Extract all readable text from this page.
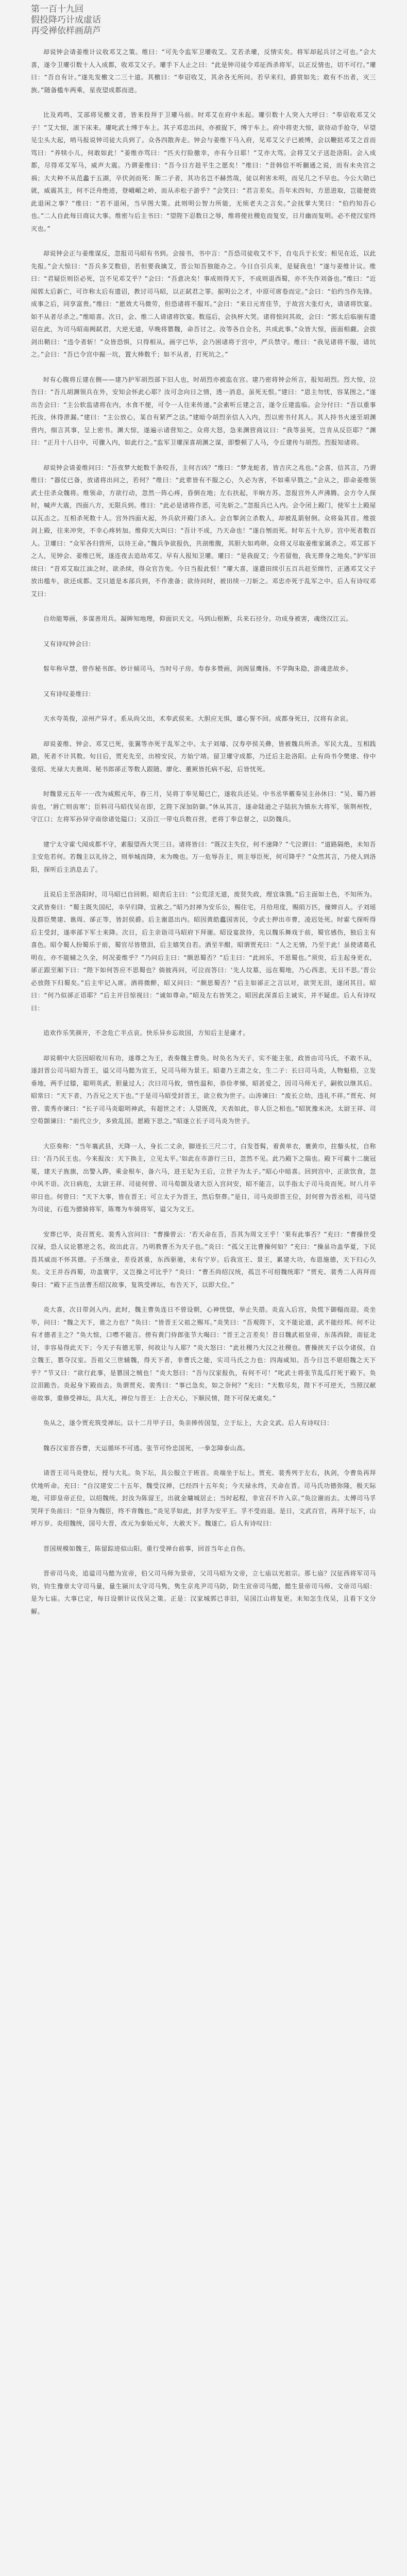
第一百十九回
假投降巧计成虚话
再受禅依样画葫芦

却说钟会请姜维计议收邓艾之策。维曰：“可先令监军卫瓘收艾。艾若杀瓘，反情实矣。将军却起兵讨之可也。”会大喜，遂令卫瓘引数十人入成都，收邓艾父子。瓘手下人止之曰：“此是钟司徒令邓征西杀将军，以正反情也，切不可行。”瓘曰：“吾自有计。”遂先发檄文二三十道。其檄曰：“奉诏收艾，其余各无所问。若早来归，爵赏如先；敢有不出者，灭三族。”随备槛车两乘，星夜望成都而进。

比及鸡鸣，艾部将见檄文者，皆来投拜于卫瓘马前。时邓艾在府中未起。瓘引数十人突入大呼曰：“奉诏收邓艾父子！”艾大惊，滚下床来。瓘叱武士缚于车上。其子邓忠出问，亦被捉下，缚于车上。府中将吏大惊，欲待动手抢夺，早望见尘头大起，哨马报说钟司徒大兵到了。众各四散奔走。钟会与姜维下马入府，见邓艾父子已被缚，会以鞭挞邓艾之首而骂曰：“养犊小儿，何敢如此！”姜维亦骂曰：“匹夫行险徼幸，亦有今日耶！”艾亦大骂。会将艾父子送赴洛阳。会入成都，尽得邓艾军马，威声大震。乃谓姜维曰：“吾今日方趁平生之愿矣！”维曰：“昔韩信不听蒯通之说，而有未央宫之祸；大夫种不从范蠡于五湖，卒伏剑而死：斯二子者，其功名岂不赫然哉，徒以利害未明，而见几之不早也。今公大勋已就，威震其主，何不泛舟绝迹，登峨嵋之岭，而从赤松子游乎？”会笑曰：“君言差矣。吾年未四旬，方思进取，岂能便效此退闲之事？”维曰：“若不退闲，当早图大策。此则明公智力所能，无烦老夫之言矣。”会抚掌大笑曰：“伯约知吾心也。”二人自此每日商议大事。维密与后主书曰：“望陛下忍数日之辱，维将使社稷危而复安，日月幽而复明。必不使汉室终灭也。”

却说钟会正与姜维谋反，忽报司马昭有书到。会接书，书中言：“吾恐司徒收艾不下，自屯兵于长安；相见在近，以此先报。”会大惊曰：“吾兵多艾数倍，若但要我擒艾，晋公知吾独能办之。今日自引兵来，是疑我也！”遂与姜维计议。维曰：“君疑臣则臣必死，岂不见邓艾乎？”会曰：“吾意决矣！事成则得天下，不成则退西蜀，亦不失作刘备也。”维曰：“近闻郭太后新亡，可诈称太后有遗诏，教讨司马昭，以正弑君之罪。据明公之才，中原可席卷而定。”会曰：“伯约当作先锋。成事之后，同享富贵。”维曰：“愿效犬马微劳，但恐诸将不服耳。”会曰：“来日元宵佳节，于故宫大张灯火，请诸将饮宴。如不从者尽杀之。”维暗喜。次日，会、维二人请诸将饮宴。数巡后，会执杯大哭。诸将惊问其故，会曰：“郭太后临崩有遗诏在此，为司马昭南阙弑君，大逆无道，早晚将篡魏，命吾讨之。汝等各自佥名，共成此事。”众皆大惊，面面相觑。会拔剑出鞘曰：“违令者斩！”众皆恐惧，只得相从。画字已毕，会乃困诸将于宫中，严兵禁守。维曰：“我见诸将不服，请坑之。”会曰：“吾已令宫中掘一坑，置大棒数千；如不从者，打死坑之。”

时有心腹将丘建在侧——建乃护军胡烈部下旧人也，时胡烈亦被监在宫。建乃密将钟会所言，报知胡烈。烈大惊，泣告曰：“吾儿胡渊领兵在外，安知会怀此心耶？汝可念向日之情，透一消息，虽死无恨。”建曰：“恩主勿忧，容某图之。”遂出告会曰：“主公软监诸将在内，水食不便，可令一人往来传递。”会素听丘建之言，遂令丘建监临。会分付曰：“吾以重事托汝，休得泄漏。”建曰：“主公放心，某自有紧严之法。”建暗令胡烈亲信人入内，烈以密书付其人。其人持书火速至胡渊营内，细言其事，呈上密书。渊大惊，遂遍示诸营知之。众将大怒，急来渊营商议曰：“我等虽死，岂肯从反臣耶？”渊曰：“正月十八日中，可骤入内，如此行之。”监军卫瓘深喜胡渊之谋，即整顿了人马，令丘建传与胡烈。烈报知诸将。

却说钟会请姜维问曰：“吾夜梦大蛇数千条咬吾，主何吉凶？”维曰：“梦龙蛇者，皆吉庆之兆也。”会喜，信其言，乃谓维曰：“器仗已备，放诸将出问之，若何？”维曰：“此辈皆有不服之心，久必为害，不如乘早戮之。”会从之，即命姜维领武士往杀众魏将。维领命，方欲行动，忽然一阵心疼，昏倒在地；左右扶起，半晌方苏。忽报宫外人声沸腾。会方令人探时，喊声大震，四面八方，无限兵到。维曰：“此必是诸将作恶，可先斩之。”忽报兵已入内。会令闭上殿门，使军士上殿屋以瓦击之。互相杀死数十人。宫外四面火起，外兵砍开殿门杀入。会自掣剑立杀数人，却被乱箭射倒。众将枭其首。维拔剑上殿，往来冲突，不幸心疼转加。维仰天大叫曰：“吾计不成，乃天命也！”遂自刎而死。时年五十九岁。宫中死者数百人。卫瓘曰：“众军各归营所，以待王命。”魏兵争欲报仇，共剖维腹，其胆大如鸡卵。众将又尽取姜维家属杀之。邓艾部下之人，见钟会、姜维已死，遂连夜去追劫邓艾。早有人报知卫瓘。瓘曰：“是我捉艾；今若留他，我无葬身之地矣。”护军田续曰：“昔邓艾取江油之时，欲杀续，得众官告免。今日当报此恨！”瓘大喜，遂遣田续引五百兵赶至绵竹，正遇邓艾父子放出槛车，欲还成都。艾只道是本部兵到，不作准备；欲待问时，被田续一刀斩之。邓忠亦死于乱军之中。后人有诗叹邓艾曰：

自幼能筹画，多谋善用兵。凝眸知地理，仰面识天文。马到山根断，兵来石径分。功成身被害，魂绕汉江云。

又有诗叹钟会曰：

髫年称早慧，曾作秘书郎。妙计倾司马，当时号子房。寿春多赞画，剑阁显鹰扬。不学陶朱隐，游魂悲故乡。

又有诗叹姜维曰：

天水夸英俊，凉州产异才。系从尚父出，术奉武侯来。大胆应无惧，雄心誓不回。成都身死日，汉将有余哀。

却说姜维、钟会、邓艾已死，张翼等亦死于乱军之中。太子刘璿、汉寿亭侯关彝，皆被魏兵所杀。军民大乱，互相践踏，死者不计其数。旬日后，贾充先至，出榜安民，方始宁靖。留卫瓘守成都，乃迁后主赴洛阳。止有尚书令樊建、侍中张绍、光禄大夫谯周、秘书郎郤正等数人跟随。廖化、董厥皆托病不起，后皆忧死。

时魏景元五年一一改为咸熙元年，春三月，吴将丁奉见蜀已亡，遂收兵还吴。中书丞华覈奏吴主孙休曰：“吴、蜀乃唇齿也，‘唇亡则齿寒’；臣料司马昭伐吴在即，乞陛下深加防御。”休从其言，遂命陆逊之子陆抗为镇东大将军，领荆州牧，守江口；左将军孙异守南徐诸处隘口；又沿江一带屯兵数百营，老将丁奉总督之，以防魏兵。

建宁太守霍弋闻成都不守，素服望西大哭三日。诸将皆曰：“既汉主失位，何不速降？”弋泣谓曰：“道路隔绝，未知吾主安危若何。若魏主以礼待之，则举城而降，未为晚也。万一危辱吾主，则主辱臣死，何可降乎？”众然其言，乃使人到洛阳，探听后主消息去了。

且说后主至洛阳时，司马昭已自回朝。昭责后主曰：“公荒淫无道，废贤失政，理宜诛戮。”后主面如土色，不知所为。文武皆奏曰：“蜀主既失国纪，幸早归降，宜赦之。”昭乃封禅为安乐公，赐住宅，月给用度，赐绢万匹，僮婢百人。子刘瑶及群臣樊建、谯周、郤正等，皆封侯爵。后主谢恩出内。昭因黄皓蠹国害民，令武士押出市曹，凌迟处死。时霍弋探听得后主受封，遂率部下军士来降。次日，后主亲诣司马昭府下拜谢。昭设宴款待，先以魏乐舞戏于前，蜀官感伤，独后主有喜色。昭令蜀人扮蜀乐于前，蜀官尽皆堕泪，后主嬉笑自若。酒至半酣，昭谓贾充曰：“人之无情，乃至于此！虽使诸葛孔明在，亦不能辅之久全，何况姜维乎？”乃问后主曰：“颇思蜀否？”后主曰：“此间乐，不思蜀也。”须臾，后主起身更衣，郤正跟至厢下曰：“陛下如何答应不思蜀也？倘彼再问，可泣而答曰：‘先人坟墓，远在蜀地，乃心西悲，无日不思。’晋公必放陛下归蜀矣。”后主牢记入席。酒将微醉，昭又问曰：“颇思蜀否？”后主如郤正之言以对，欲哭无泪，遂闭其目。昭曰：“何乃似郤正语耶？”后主开目惊视曰：“诚如尊命。”昭及左右皆笑之。昭因此深喜后主诚实，并不疑虑。后人有诗叹曰：

追欢作乐笑颜开，不念危亡半点哀。快乐异乡忘故国，方知后主是庸才。

却说朝中大臣因昭收川有功，遂尊之为王，表奏魏主曹奂。时奂名为天子，实不能主张，政皆由司马氏，不敢不从，遂封晋公司马昭为晋王，谥父司马懿为宣王，兄司马师为景王。昭妻乃王肃之女，生二子：长曰司马炎，人物魁梧，立发垂地，两手过膝，聪明英武，胆量过人；次曰司马攸，情性温和，恭俭孝悌，昭甚爱之，因司马师无子，嗣攸以继其后。昭常曰：“天下者，乃吾兄之天下也。”于是司马昭受封晋王，欲立攸为世子。山涛谏曰：“废长立幼，违礼不祥。”贾充、何曾、裴秀亦谏曰：“长子司马炎聪明神武，有超世之才；人望既茂，天表如此，非人臣之相也。”昭犹豫未决。太尉王祥、司空荀顗谏曰：“前代立少，多致乱国。愿殿下思之。”昭遂立长子司马炎为世子。

大臣奏称：“当年襄武县，天降一人，身长二丈余，脚迹长三尺二寸，白发苍髯，着黄单衣，裹黄巾，拄藜头杖，自称曰：‘吾乃民王也。今来报汝：天下换主，立见太平。’如此在市游行三日，忽然不见。此乃殿下之瑞也。殿下可戴十二旒冠冕，建天子旌旗，出警入跸，乘金根车，备六马，进王妃为王后，立世子为太子。”昭心中暗喜。回到宫中，正欲饮食，忽中风不语。次日病危，太尉王祥、司徒何曾、司马荀顗及诸大臣入宫问安，昭不能言，以手指太子司马炎而死。时八月辛卯日也。何曾曰：“天下大事，皆在晋王；可立太子为晋王，然后祭葬。”是日，司马炎即晋王位，封何曾为晋丞相，司马望为司徒，石苞为骠骑将军，陈骞为车骑将军，谥父为文王。

安葬已毕，炎召贾充、裴秀入宫问曰：“曹操曾云：‘若天命在吾，吾其为周文王乎！’果有此事否？”充曰：“曹操世受汉禄，恐人议论篡逆之名，故出此言。乃明教曹丕为天子也。”炎曰：“孤父王比曹操何如？”充曰：“操虽功盖华夏，下民畏其威而不怀其德。子丕继业，差役甚重，东西驱驰，未有宁岁。后我宣王、景王，累建大功，布恩施德，天下归心久矣。文王并吞西蜀，功盖寰宇，又岂操之可比乎？”炎曰：“曹丕尚绍汉统，孤岂不可绍魏统耶？”贾充、裴秀二人再拜而奏曰：“殿下正当法曹丕绍汉故事，复筑受禅坛，布告天下，以即大位。”

炎大喜，次日带剑入内。此时，魏主曹奂连日不曾设朝，心神恍惚，举止失措。炎直入后宫，奂慌下御榻而迎。炎坐毕，问曰：“魏之天下，谁之力也？”奂曰：“皆晋王父祖之赐耳。”炎笑曰：“吾观陛下，文不能论道，武不能经邦。何不让有才德者主之？”奂大惊，口噤不能言。傍有黄门侍郎张节大喝曰：“晋王之言差矣！昔日魏武祖皇帝，东荡西除，南征北讨，非容易得此天下；今天子有德无罪，何故让与人耶？”炎大怒曰：“此社稷乃大汉之社稷也。曹操挟天子以令诸侯，自立魏王，篡夺汉室。吾祖父三世辅魏，得天下者，非曹氏之能，实司马氏之力也：四海咸知。吾今日岂不堪绍魏之天下乎？”节又曰：“欲行此事，是篡国之贼也！”炎大怒曰：“吾与汉家报仇，有何不可！”叱武士将张节乱瓜打死于殿下。奂泣泪跪告。炎起身下殿而去。奂谓贾充、裴秀曰：“事已急矣，如之奈何？”充曰：“天数尽矣，陛下不可逆天，当照汉献帝故事，重修受禅坛，具大礼，禅位与晋王：上合天心，下顺民情，陛下可保无虞矣。”

奂从之，遂令贾充筑受禅坛。以十二月甲子日，奂亲捧传国玺，立于坛上，大会文武。后人有诗叹曰：

魏吞汉室晋吞曹，天运循环不可逃。张节可怜忠国死，一拳怎障泰山高。

请晋王司马炎登坛，授与大礼。奂下坛，具公服立于班首。炎端坐于坛上。贾充、裴秀列于左右，执剑，令曹奂再拜伏地听命。充曰：“自汉建安二十五年，魏受汉禅，已经四十五年矣；今天禄永终，天命在晋。司马氏功德弥隆，极天际地，可即皇帝正位，以绍魏统。封汝为陈留王，出就金墉城居止；当时起程，非宣召不许入京。”奂泣谢而去。太傅司马孚哭拜于奂前曰：“臣身为魏臣，终不背魏也。”炎见孚如此，封孚为安平王。孚不受而退。是日，文武百官，再拜于坛下，山呼万岁。炎绍魏统，国号大晋，改元为泰始元年，大赦天下。魏遂亡。后人有诗叹曰：

晋国规模如魏王，陈留踪迹似山阳。重行受禅台前事，回首当年止自伤。

晋帝司马炎，追谥司马懿为宣帝，伯父司马师为景帝，父司马昭为文帝，立七庙以光祖宗。那七庙？汉征西将军司马钧，钧生豫章太守司马量，量生颍川太守司马隽，隽生京兆尹司马防，防生宣帝司马懿，懿生景帝司马师、文帝司马昭：是为七庙。大事已定，每日设朝计议伐吴之策。正是：汉家城郭已非旧，吴国江山将复更。未知怎生伐吴，且看下文分解。
